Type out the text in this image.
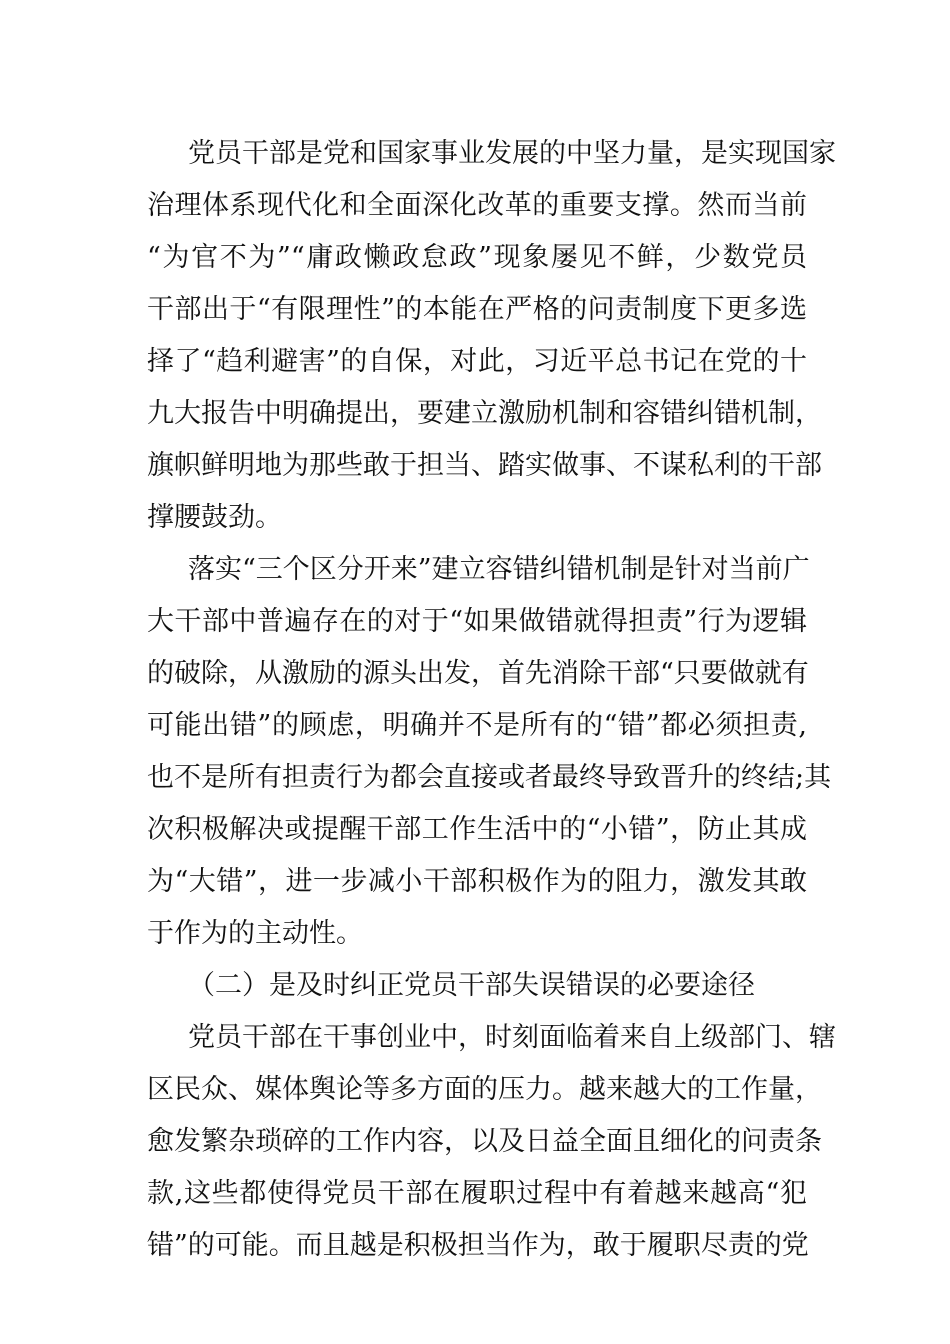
党员干部是党和国家事业发展的中坚力量，是实现国家
治理体系现代化和全面深化改革的重要支撑。然而当前
“为官不为”“庸政懒政怠政”现象屡见不鲜，少数党员
干部出于“有限理性”的本能在严格的问责制度下更多选
择了“趋利避害”的自保，对此，习近平总书记在党的十
九大报告中明确提出，要建立激励机制和容错纠错机制，
旗帜鲜明地为那些敢于担当、踏实做事、不谋私利的干部
撑腰鼓劲。
落实“三个区分开来”建立容错纠错机制是针对当前广
大干部中普遍存在的对于“如果做错就得担责”行为逻辑
的破除，从激励的源头出发，首先消除干部“只要做就有
可能出错”的顾虑，明确并不是所有的“错”都必须担责,
也不是所有担责行为都会直接或者最终导致晋升的终结;其
次积极解决或提醒干部工作生活中的“小错”，防止其成
为“大错”，进一步减小干部积极作为的阻力，激发其敢
于作为的主动性。
（二）是及时纠正党员干部失误错误的必要途径
党员干部在干事创业中，时刻面临着来自上级部门、辖
区民众、媒体舆论等多方面的压力。越来越大的工作量，
愈发繁杂琐碎的工作内容，以及日益全面且细化的问责条
款,这些都使得党员干部在履职过程中有着越来越高“犯
错”的可能。而且越是积极担当作为，敢于履职尽责的党
